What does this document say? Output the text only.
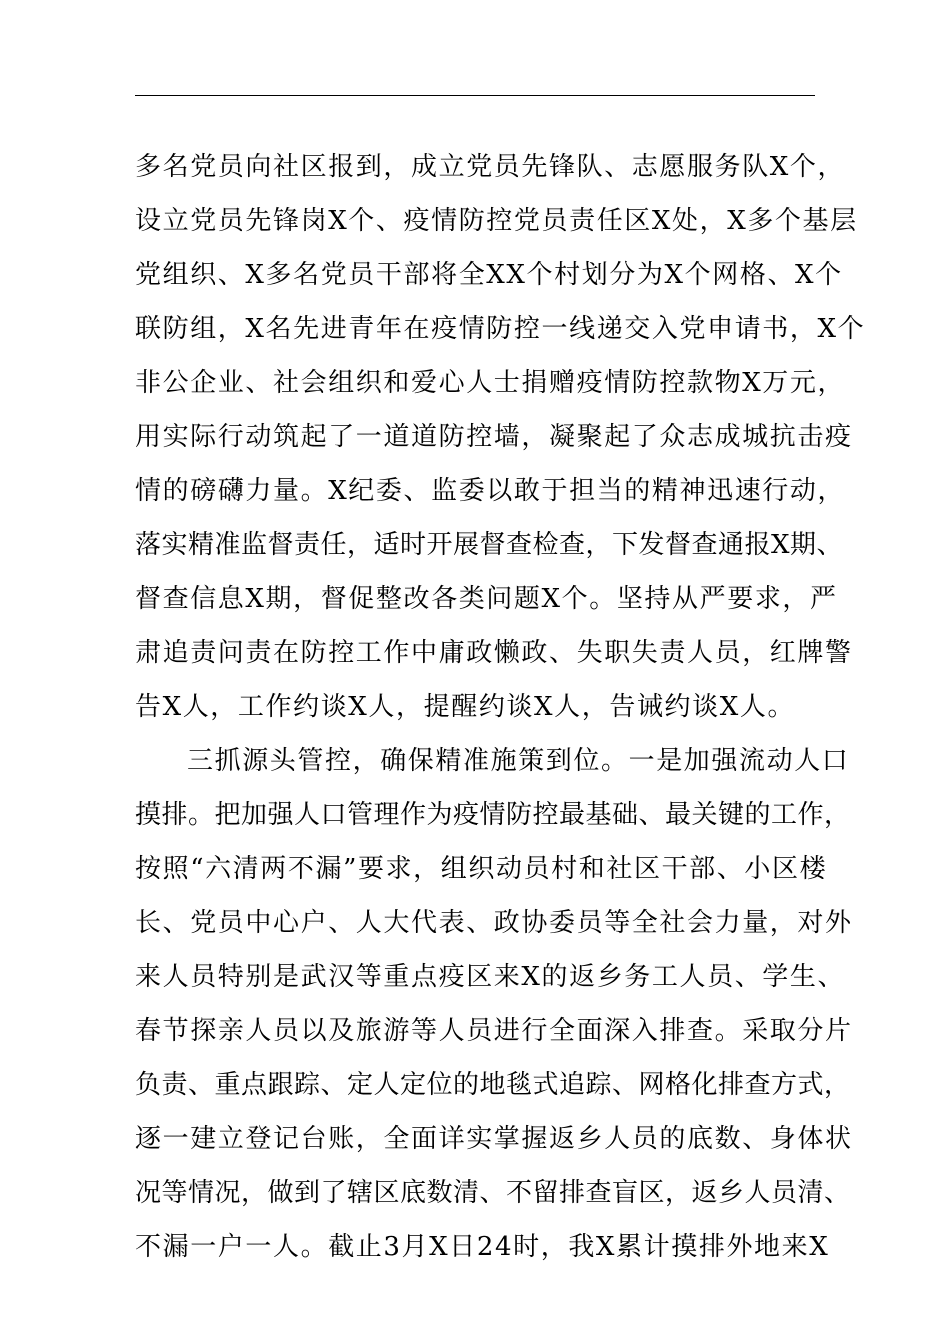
多名党员向社区报到，成立党员先锋队、志愿服务队X个，
设立党员先锋岗X个、疫情防控党员责任区X处，X多个基层
党组织、X多名党员干部将全XX个村划分为X个网格、X个
联防组，X名先进青年在疫情防控一线递交入党申请书，X个
非公企业、社会组织和爱心人士捐赠疫情防控款物X万元，
用实际行动筑起了一道道防控墙，凝聚起了众志成城抗击疫
情的磅礴力量。X纪委、监委以敢于担当的精神迅速行动，
落实精准监督责任，适时开展督查检查，下发督查通报X期、
督查信息X期，督促整改各类问题X个。坚持从严要求，严
肃追责问责在防控工作中庸政懒政、失职失责人员，红牌警
告X人，工作约谈X人，提醒约谈X人，告诫约谈X人。
三抓源头管控，确保精准施策到位。一是加强流动人口
摸排。把加强人口管理作为疫情防控最基础、最关键的工作，
按照“六清两不漏”要求，组织动员村和社区干部、小区楼
长、党员中心户、人大代表、政协委员等全社会力量，对外
来人员特别是武汉等重点疫区来X的返乡务工人员、学生、
春节探亲人员以及旅游等人员进行全面深入排查。采取分片
负责、重点跟踪、定人定位的地毯式追踪、网格化排查方式，
逐一建立登记台账，全面详实掌握返乡人员的底数、身体状
况等情况，做到了辖区底数清、不留排查盲区，返乡人员清、
不漏一户一人。截止3月X日24时，我X累计摸排外地来X
